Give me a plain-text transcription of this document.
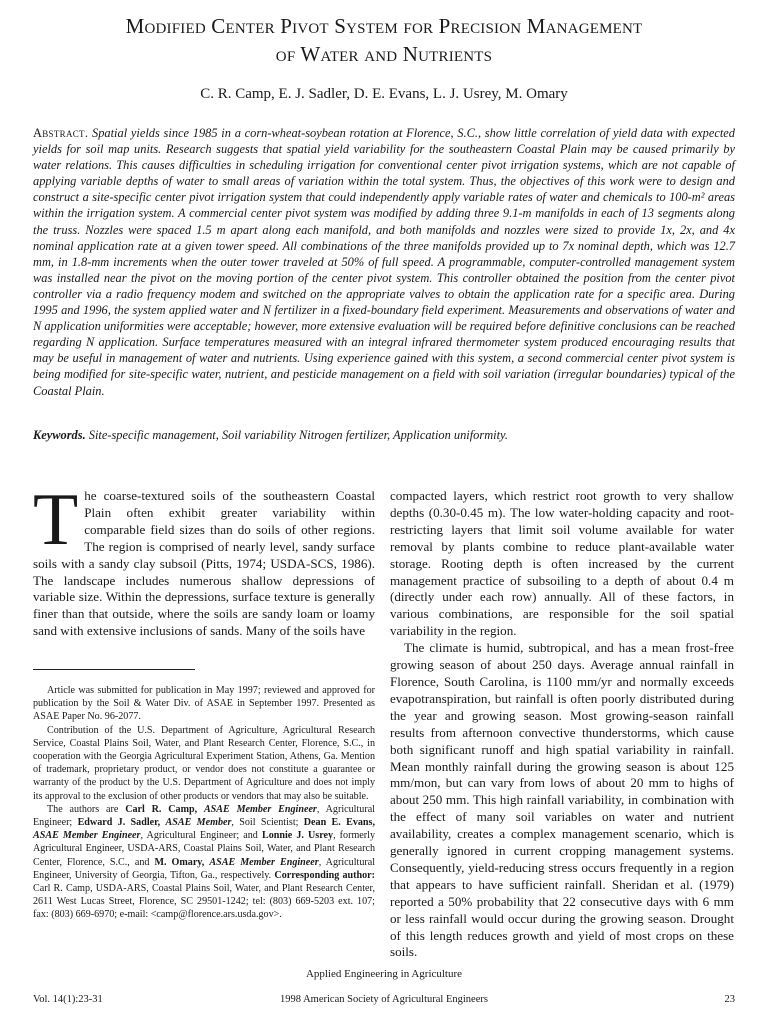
Modified Center Pivot System for Precision Management
of Water and Nutrients
C. R. Camp, E. J. Sadler, D. E. Evans, L. J. Usrey, M. Omary
Abstract. Spatial yields since 1985 in a corn-wheat-soybean rotation at Florence, S.C., show little correlation of yield data with expected yields for soil map units. Research suggests that spatial yield variability for the southeastern Coastal Plain may be caused primarily by water relations. This causes difficulties in scheduling irrigation for conventional center pivot irrigation systems, which are not capable of applying variable depths of water to small areas of variation within the total system. Thus, the objectives of this work were to design and construct a site-specific center pivot irrigation system that could independently apply variable rates of water and chemicals to 100-m² areas within the irrigation system. A commercial center pivot system was modified by adding three 9.1-m manifolds in each of 13 segments along the truss. Nozzles were spaced 1.5 m apart along each manifold, and both manifolds and nozzles were sized to provide 1x, 2x, and 4x nominal application rate at a given tower speed. All combinations of the three manifolds provided up to 7x nominal depth, which was 12.7 mm, in 1.8-mm increments when the outer tower traveled at 50% of full speed. A programmable, computer-controlled management system was installed near the pivot on the moving portion of the center pivot system. This controller obtained the position from the center pivot controller via a radio frequency modem and switched on the appropriate valves to obtain the application rate for a specific area. During 1995 and 1996, the system applied water and N fertilizer in a fixed-boundary field experiment. Measurements and observations of water and N application uniformities were acceptable; however, more extensive evaluation will be required before definitive conclusions can be reached regarding N application. Surface temperatures measured with an integral infrared thermometer system produced encouraging results that may be useful in management of water and nutrients. Using experience gained with this system, a second commercial center pivot system is being modified for site-specific water, nutrient, and pesticide management on a field with soil variation (irregular boundaries) typical of the Coastal Plain.
Keywords. Site-specific management, Soil variability Nitrogen fertilizer, Application uniformity.

The coarse-textured soils of the southeastern Coastal Plain often exhibit greater variability within comparable field sizes than do soils of other regions. The region is comprised of nearly level, sandy surface soils with a sandy clay subsoil (Pitts, 1974; USDA-SCS, 1986). The landscape includes numerous shallow depressions of variable size. Within the depressions, surface texture is generally finer than that outside, where the soils are sandy loam or loamy sand with extensive inclusions of sands. Many of the soils have

Article was submitted for publication in May 1997; reviewed and approved for publication by the Soil & Water Div. of ASAE in September 1997. Presented as ASAE Paper No. 96-2077.

Contribution of the U.S. Department of Agriculture, Agricultural Research Service, Coastal Plains Soil, Water, and Plant Research Center, Florence, S.C., in cooperation with the Georgia Agricultural Experiment Station, Athens, Ga. Mention of trademark, proprietary product, or vendor does not constitute a guarantee or warranty of the product by the U.S. Department of Agriculture and does not imply its approval to the exclusion of other products or vendors that may also be suitable.

The authors are Carl R. Camp, ASAE Member Engineer, Agricultural Engineer; Edward J. Sadler, ASAE Member, Soil Scientist; Dean E. Evans, ASAE Member Engineer, Agricultural Engineer; and Lonnie J. Usrey, formerly Agricultural Engineer, USDA-ARS, Coastal Plains Soil, Water, and Plant Research Center, Florence, S.C., and M. Omary, ASAE Member Engineer, Agricultural Engineer, University of Georgia, Tifton, Ga., respectively. Corresponding author: Carl R. Camp, USDA-ARS, Coastal Plains Soil, Water, and Plant Research Center, 2611 West Lucas Street, Florence, SC 29501-1242; tel: (803) 669-5203 ext. 107; fax: (803) 669-6970; e-mail: <camp@florence.ars.usda.gov>.

compacted layers, which restrict root growth to very shallow depths (0.30-0.45 m). The low water-holding capacity and root-restricting layers that limit soil volume available for water removal by plants combine to reduce plant-available water storage. Rooting depth is often increased by the current management practice of subsoiling to a depth of about 0.4 m (directly under each row) annually. All of these factors, in various combinations, are responsible for the soil spatial variability in the region.

The climate is humid, subtropical, and has a mean frost-free growing season of about 250 days. Average annual rainfall in Florence, South Carolina, is 1100 mm/yr and normally exceeds evapotranspiration, but rainfall is often poorly distributed during the year and growing season. Most growing-season rainfall results from afternoon convective thunderstorms, which cause both significant runoff and high spatial variability in rainfall. Mean monthly rainfall during the growing season is about 125 mm/mon, but can vary from lows of about 20 mm to highs of about 250 mm. This high rainfall variability, in combination with the effect of many soil variables on water and nutrient availability, creates a complex management scenario, which is generally ignored in current cropping management systems. Consequently, yield-reducing stress occurs frequently in a region that appears to have sufficient rainfall. Sheridan et al. (1979) reported a 50% probability that 22 consecutive days with 6 mm or less rainfall would occur during the growing season. Drought of this length reduces growth and yield of most crops on these soils.

Applied Engineering in Agriculture
Vol. 14(1):23-31	1998 American Society of Agricultural Engineers	23
